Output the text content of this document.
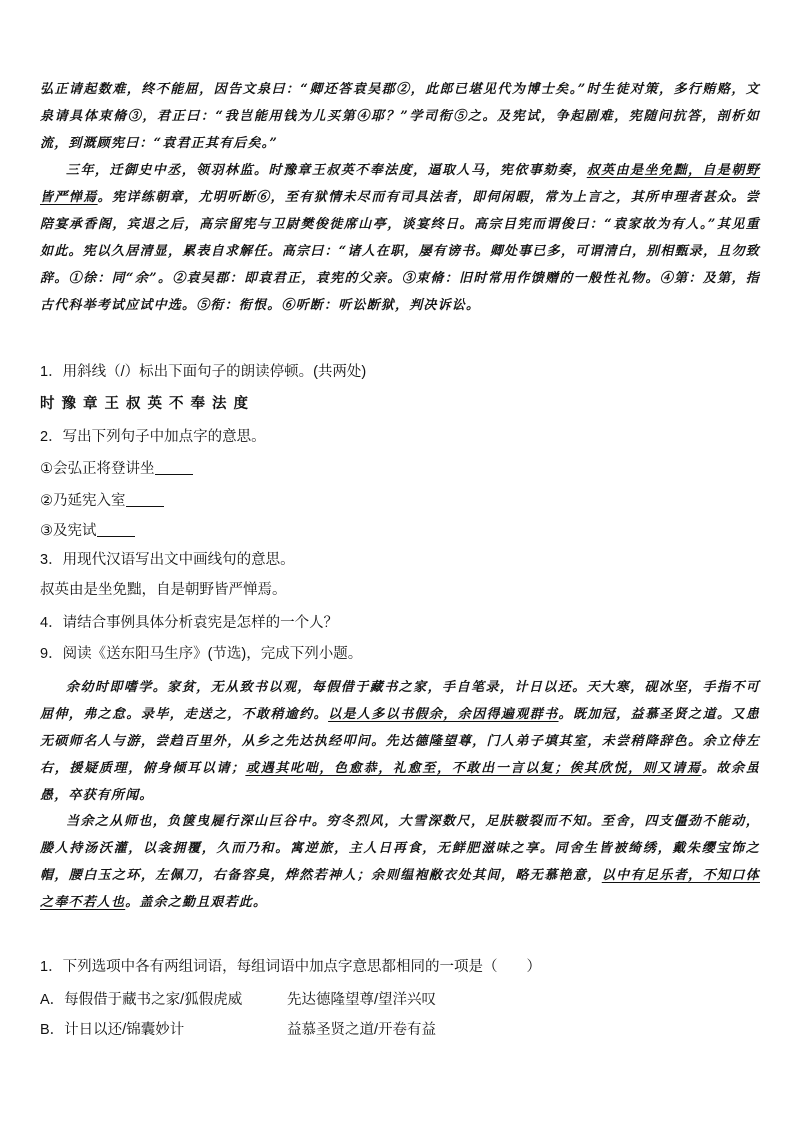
弘正请起数难，终不能屈，因告文泉曰：“卿还答袁吴郡②，此郎已堪见代为博士矣。”时生徒对策，多行贿赂，文泉请具体束脩③，君正曰：“我岂能用钱为儿买第④耶？”学司衔⑤之。及宪试，争起剧难，宪随问抗答，剖析如流，到溉顾宪曰：“袁君正其有后矣。”
三年，迁御史中丞，领羽林监。时豫章王叔英不奉法度，逼取人马，宪依事劾奏，叔英由是坐免黜，自是朝野皆严惮焉。宪详练朝章，尤明听断⑥，至有狱情未尽而有司具法者，即伺闲暇，常为上言之，其所申理者甚众。尝陪宴承香阁，宾退之后，高宗留宪与卫尉樊俊徙席山亭，谈宴终日。高宗目宪而谓俊曰：“袁家故为有人。”其见重如此。宪以久居清显，累表自求解任。高宗曰：“诸人在职，屡有谤书。卿处事已多，可谓清白，别相甄录，且勿致辞。①徐：同“余”。②袁吴郡：即袁君正，袁宪的父亲。③束脩：旧时常用作馈赠的一般性礼物。④第：及第，指古代科举考试应试中选。⑤衔：衔恨。⑥听断：听讼断狱，判决诉讼。
1．用斜线（/）标出下面句子的朗读停顿。(共两处)
时豫章王叔英不奉法度
2．写出下列句子中加点字的意思。
①会弘正将登讲坐
②乃延宪入室
③及宪试
3．用现代汉语写出文中画线句的意思。
叔英由是坐免黜，自是朝野皆严惮焉。
4．请结合事例具体分析袁宪是怎样的一个人？
9．阅读《送东阳马生序》(节选)，完成下列小题。
余幼时即嗜学。家贫，无从致书以观，每假借于藏书之家，手自笔录，计日以还。天大寒，砚冰坚，手指不可屈伸，弗之怠。录毕，走送之，不敢稍逾约。以是人多以书假余，余因得遍观群书。既加冠，益慕圣贤之道。又患无硕师名人与游，尝趋百里外，从乡之先达执经叩问。先达德隆望尊，门人弟子填其室，未尝稍降辞色。余立侍左右，援疑质理，俯身倾耳以请；或遇其叱咄，色愈恭，礼愈至，不敢出一言以复；俟其欣悦，则又请焉。故余虽愚，卒获有所闻。
当余之从师也，负箧曳屣行深山巨谷中。穷冬烈风，大雪深数尺，足肤皲裂而不知。至舍，四支僵劲不能动，媵人持汤沃灌，以衾拥覆，久而乃和。寓逆旅，主人日再食，无鲜肥滋味之享。同舍生皆被绮绣，戴朱缨宝饰之帽，腰白玉之环，左佩刀，右备容臭，烨然若神人；余则缊袍敝衣处其间，略无慕艳意，以中有足乐者，不知口体之奉不若人也。盖余之勤且艰若此。
1．下列选项中各有两组词语，每组词语中加点字意思都相同的一项是（　　）
A．每假借于藏书之家/狐假虎威	先达德隆望尊/望洋兴叹
B．计日以还/锦囊妙计	益慕圣贤之道/开卷有益
